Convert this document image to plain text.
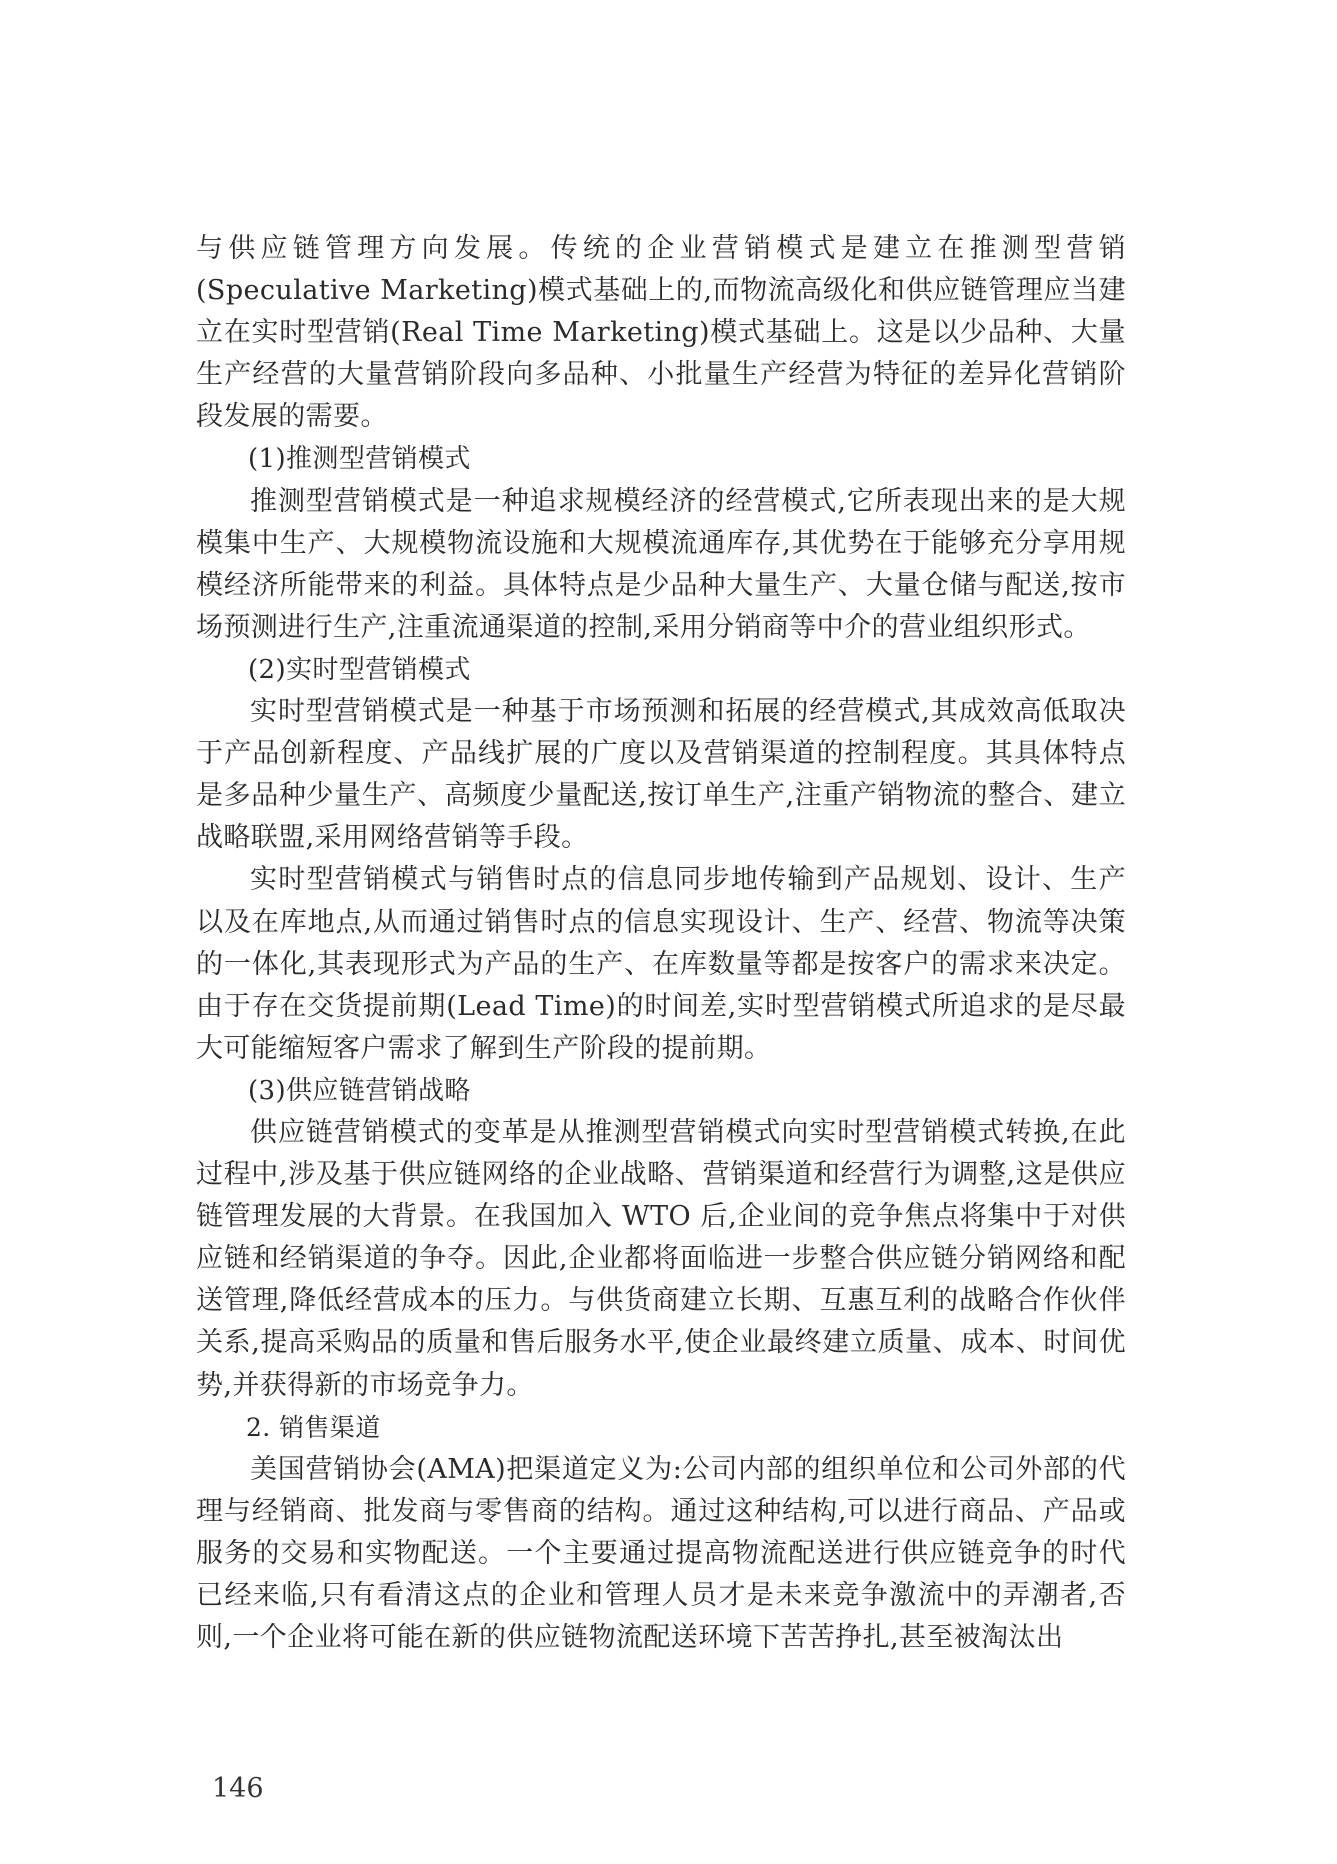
与供应链管理方向发展。传统的企业营销模式是建立在推测型营销(Speculative Marketing)模式基础上的,而物流高级化和供应链管理应当建立在实时型营销(Real Time Marketing)模式基础上。这是以少品种、大量生产经营的大量营销阶段向多品种、小批量生产经营为特征的差异化营销阶段发展的需要。

(1)推测型营销模式

推测型营销模式是一种追求规模经济的经营模式,它所表现出来的是大规模集中生产、大规模物流设施和大规模流通库存,其优势在于能够充分享用规模经济所能带来的利益。具体特点是少品种大量生产、大量仓储与配送,按市场预测进行生产,注重流通渠道的控制,采用分销商等中介的营业组织形式。

(2)实时型营销模式

实时型营销模式是一种基于市场预测和拓展的经营模式,其成效高低取决于产品创新程度、产品线扩展的广度以及营销渠道的控制程度。其具体特点是多品种少量生产、高频度少量配送,按订单生产,注重产销物流的整合、建立战略联盟,采用网络营销等手段。

实时型营销模式与销售时点的信息同步地传输到产品规划、设计、生产以及在库地点,从而通过销售时点的信息实现设计、生产、经营、物流等决策的一体化,其表现形式为产品的生产、在库数量等都是按客户的需求来决定。由于存在交货提前期(Lead Time)的时间差,实时型营销模式所追求的是尽最大可能缩短客户需求了解到生产阶段的提前期。

(3)供应链营销战略

供应链营销模式的变革是从推测型营销模式向实时型营销模式转换,在此过程中,涉及基于供应链网络的企业战略、营销渠道和经营行为调整,这是供应链管理发展的大背景。在我国加入 WTO 后,企业间的竞争焦点将集中于对供应链和经销渠道的争夺。因此,企业都将面临进一步整合供应链分销网络和配送管理,降低经营成本的压力。与供货商建立长期、互惠互利的战略合作伙伴关系,提高采购品的质量和售后服务水平,使企业最终建立质量、成本、时间优势,并获得新的市场竞争力。

2. 销售渠道

美国营销协会(AMA)把渠道定义为:公司内部的组织单位和公司外部的代理与经销商、批发商与零售商的结构。通过这种结构,可以进行商品、产品或服务的交易和实物配送。一个主要通过提高物流配送进行供应链竞争的时代已经来临,只有看清这点的企业和管理人员才是未来竞争激流中的弄潮者,否则,一个企业将可能在新的供应链物流配送环境下苦苦挣扎,甚至被淘汰出

146
